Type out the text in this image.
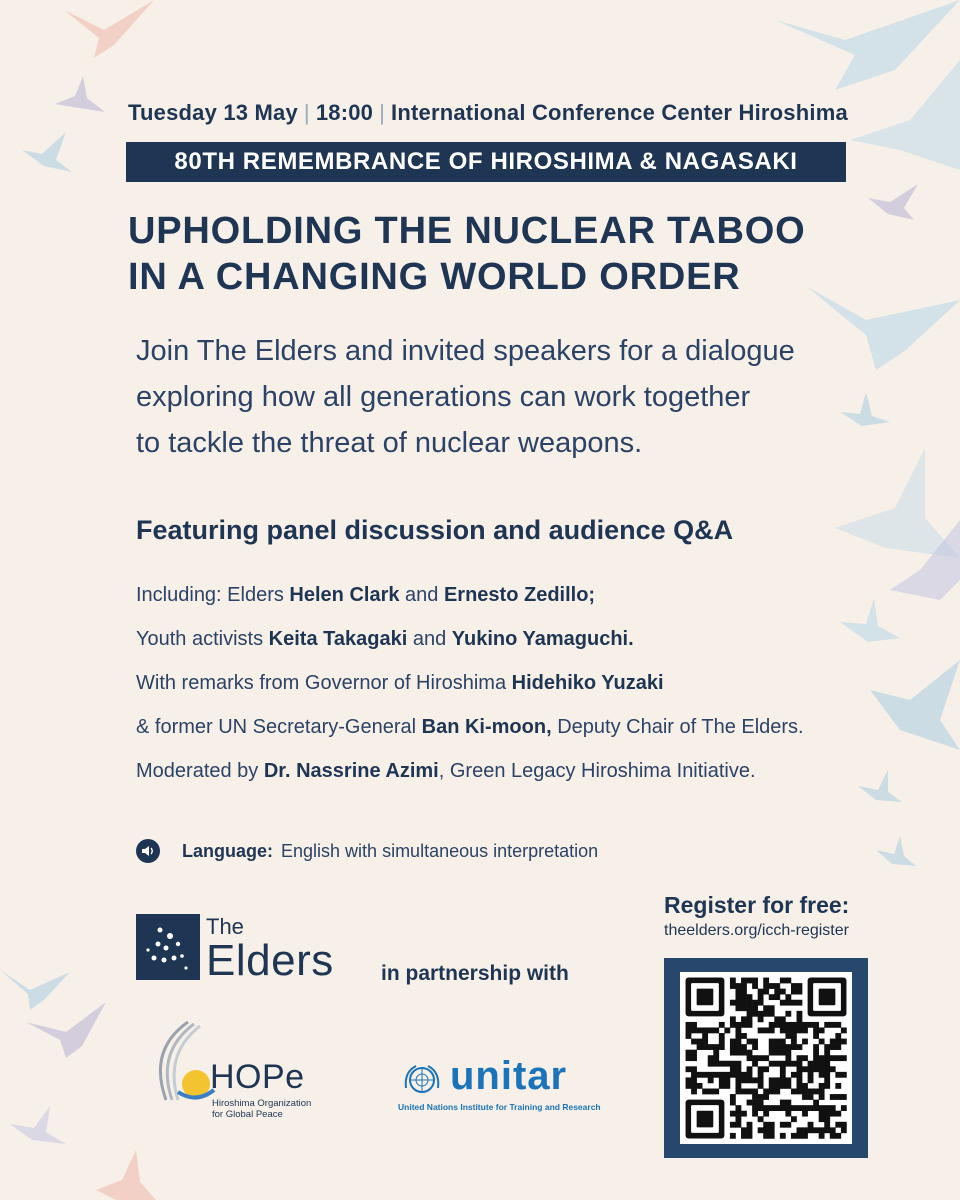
Tuesday 13 May | 18:00 | International Conference Center Hiroshima
80TH REMEMBRANCE OF HIROSHIMA & NAGASAKI
UPHOLDING THE NUCLEAR TABOO
IN A CHANGING WORLD ORDER
Join The Elders and invited speakers for a dialogue
exploring how all generations can work together
to tackle the threat of nuclear weapons.
Featuring panel discussion and audience Q&A
Including: Elders Helen Clark and Ernesto Zedillo;
Youth activists Keita Takagaki and Yukino Yamaguchi.
With remarks from Governor of Hiroshima Hidehiko Yuzaki
& former UN Secretary-General Ban Ki-moon, Deputy Chair of The Elders.
Moderated by Dr. Nassrine Azimi, Green Legacy Hiroshima Initiative.
Language: English with simultaneous interpretation
The
Elders in partnership with
HOPe
Hiroshima Organization
for Global Peace
unitar
United Nations Institute for Training and Research
Register for free:
theelders.org/icch-register
